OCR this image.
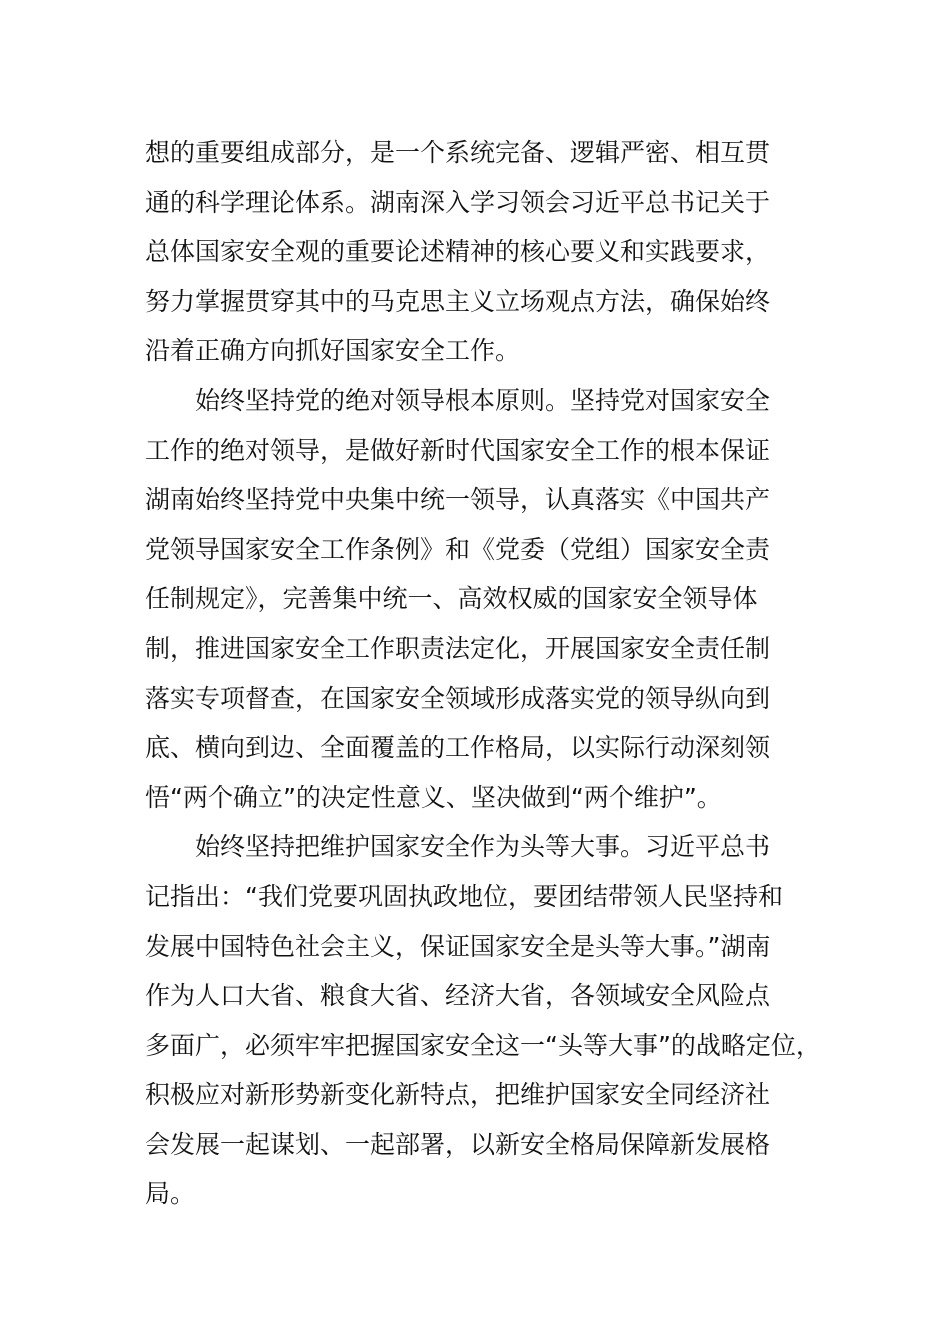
想的重要组成部分，是一个系统完备、逻辑严密、相互贯
通的科学理论体系。湖南深入学习领会习近平总书记关于
总体国家安全观的重要论述精神的核心要义和实践要求，
努力掌握贯穿其中的马克思主义立场观点方法，确保始终
沿着正确方向抓好国家安全工作。
始终坚持党的绝对领导根本原则。坚持党对国家安全
工作的绝对领导，是做好新时代国家安全工作的根本保证
湖南始终坚持党中央集中统一领导，认真落实《中国共产
党领导国家安全工作条例》和《党委（党组）国家安全责
任制规定》，完善集中统一、高效权威的国家安全领导体
制，推进国家安全工作职责法定化，开展国家安全责任制
落实专项督查，在国家安全领域形成落实党的领导纵向到
底、横向到边、全面覆盖的工作格局，以实际行动深刻领
悟“两个确立”的决定性意义、坚决做到“两个维护”。
始终坚持把维护国家安全作为头等大事。习近平总书
记指出：“我们党要巩固执政地位，要团结带领人民坚持和
发展中国特色社会主义，保证国家安全是头等大事。”湖南
作为人口大省、粮食大省、经济大省，各领域安全风险点
多面广，必须牢牢把握国家安全这一“头等大事”的战略定位，
积极应对新形势新变化新特点，把维护国家安全同经济社
会发展一起谋划、一起部署，以新安全格局保障新发展格
局。
